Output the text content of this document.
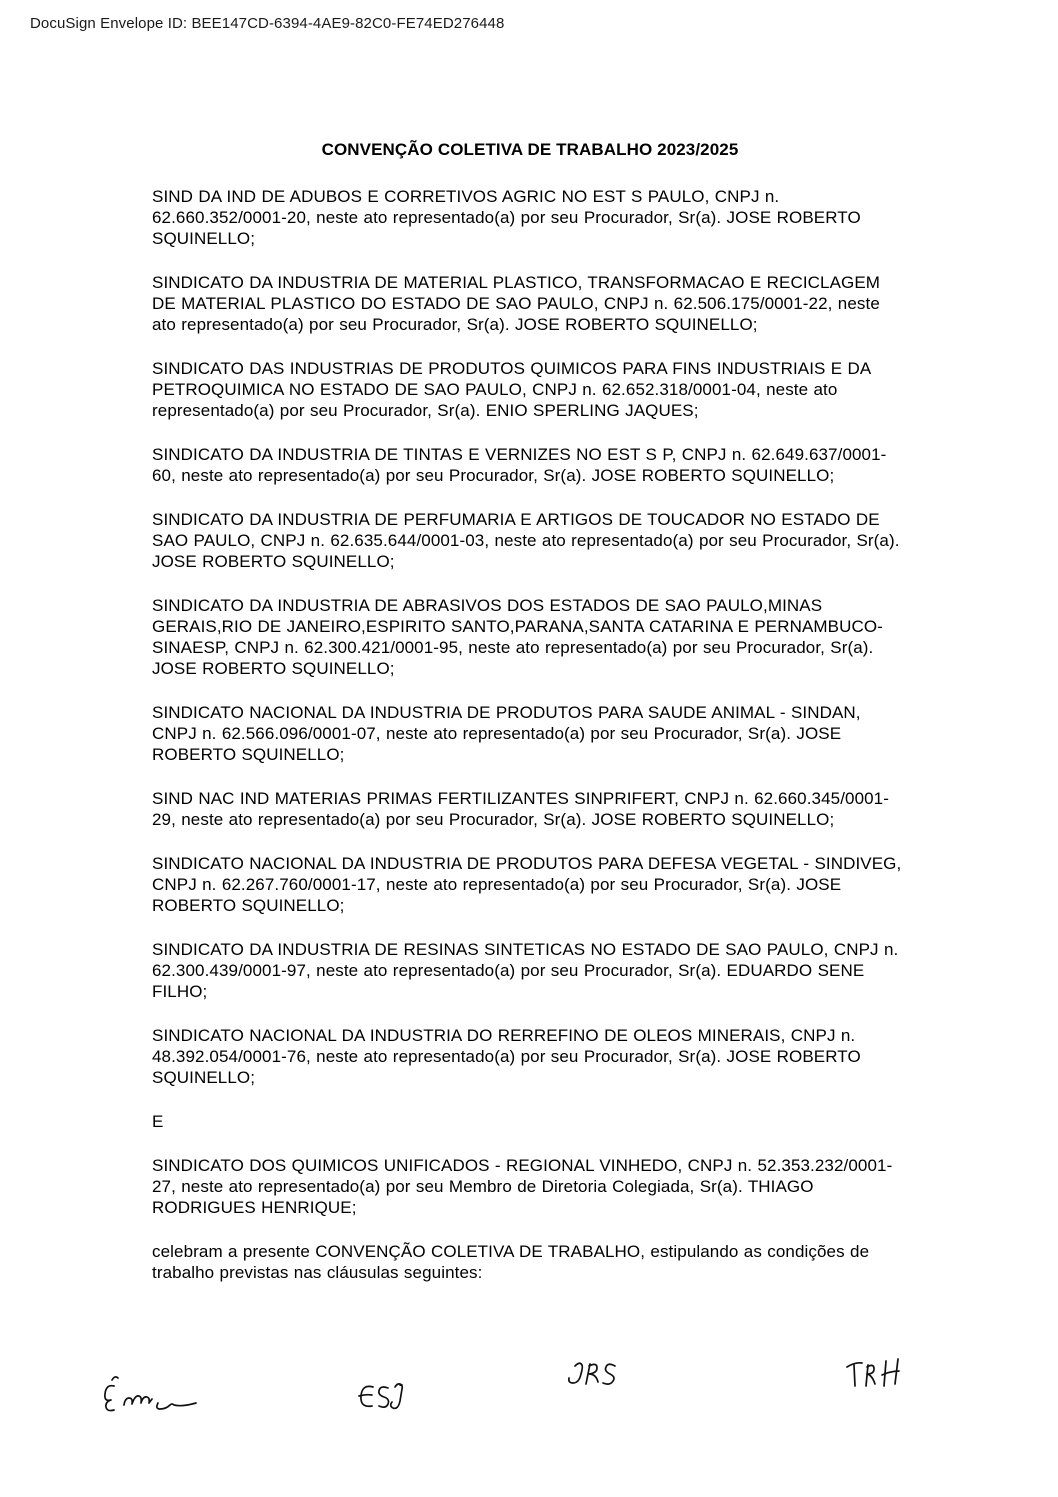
DocuSign Envelope ID: BEE147CD-6394-4AE9-82C0-FE74ED276448
CONVENÇÃO COLETIVA DE TRABALHO 2023/2025

SIND DA IND DE ADUBOS E CORRETIVOS AGRIC NO EST S PAULO, CNPJ n. 62.660.352/0001-20, neste ato representado(a) por seu Procurador, Sr(a). JOSE ROBERTO SQUINELLO;

SINDICATO DA INDUSTRIA DE MATERIAL PLASTICO, TRANSFORMACAO E RECICLAGEM DE MATERIAL PLASTICO DO ESTADO DE SAO PAULO, CNPJ n. 62.506.175/0001-22, neste ato representado(a) por seu Procurador, Sr(a). JOSE ROBERTO SQUINELLO;

SINDICATO DAS INDUSTRIAS DE PRODUTOS QUIMICOS PARA FINS INDUSTRIAIS E DA PETROQUIMICA NO ESTADO DE SAO PAULO, CNPJ n. 62.652.318/0001-04, neste ato representado(a) por seu Procurador, Sr(a). ENIO SPERLING JAQUES;

SINDICATO DA INDUSTRIA DE TINTAS E VERNIZES NO EST S P, CNPJ n. 62.649.637/0001-60, neste ato representado(a) por seu Procurador, Sr(a). JOSE ROBERTO SQUINELLO;

SINDICATO DA INDUSTRIA DE PERFUMARIA E ARTIGOS DE TOUCADOR NO ESTADO DE SAO PAULO, CNPJ n. 62.635.644/0001-03, neste ato representado(a) por seu Procurador, Sr(a). JOSE ROBERTO SQUINELLO;

SINDICATO DA INDUSTRIA DE ABRASIVOS DOS ESTADOS DE SAO PAULO,MINAS GERAIS,RIO DE JANEIRO,ESPIRITO SANTO,PARANA,SANTA CATARINA E PERNAMBUCO-SINAESP, CNPJ n. 62.300.421/0001-95, neste ato representado(a) por seu Procurador, Sr(a). JOSE ROBERTO SQUINELLO;

SINDICATO NACIONAL DA INDUSTRIA DE PRODUTOS PARA SAUDE ANIMAL - SINDAN, CNPJ n. 62.566.096/0001-07, neste ato representado(a) por seu Procurador, Sr(a). JOSE ROBERTO SQUINELLO;

SIND NAC IND MATERIAS PRIMAS FERTILIZANTES SINPRIFERT, CNPJ n. 62.660.345/0001-29, neste ato representado(a) por seu Procurador, Sr(a). JOSE ROBERTO SQUINELLO;

SINDICATO NACIONAL DA INDUSTRIA DE PRODUTOS PARA DEFESA VEGETAL - SINDIVEG, CNPJ n. 62.267.760/0001-17, neste ato representado(a) por seu Procurador, Sr(a). JOSE ROBERTO SQUINELLO;

SINDICATO DA INDUSTRIA DE RESINAS SINTETICAS NO ESTADO DE SAO PAULO, CNPJ n. 62.300.439/0001-97, neste ato representado(a) por seu Procurador, Sr(a). EDUARDO SENE FILHO;

SINDICATO NACIONAL DA INDUSTRIA DO RERREFINO DE OLEOS MINERAIS, CNPJ n. 48.392.054/0001-76, neste ato representado(a) por seu Procurador, Sr(a). JOSE ROBERTO SQUINELLO;

E

SINDICATO DOS QUIMICOS UNIFICADOS - REGIONAL VINHEDO, CNPJ n. 52.353.232/0001-27, neste ato representado(a) por seu Membro de Diretoria Colegiada, Sr(a). THIAGO RODRIGUES HENRIQUE;

celebram a presente CONVENÇÃO COLETIVA DE TRABALHO, estipulando as condições de trabalho previstas nas cláusulas seguintes:
